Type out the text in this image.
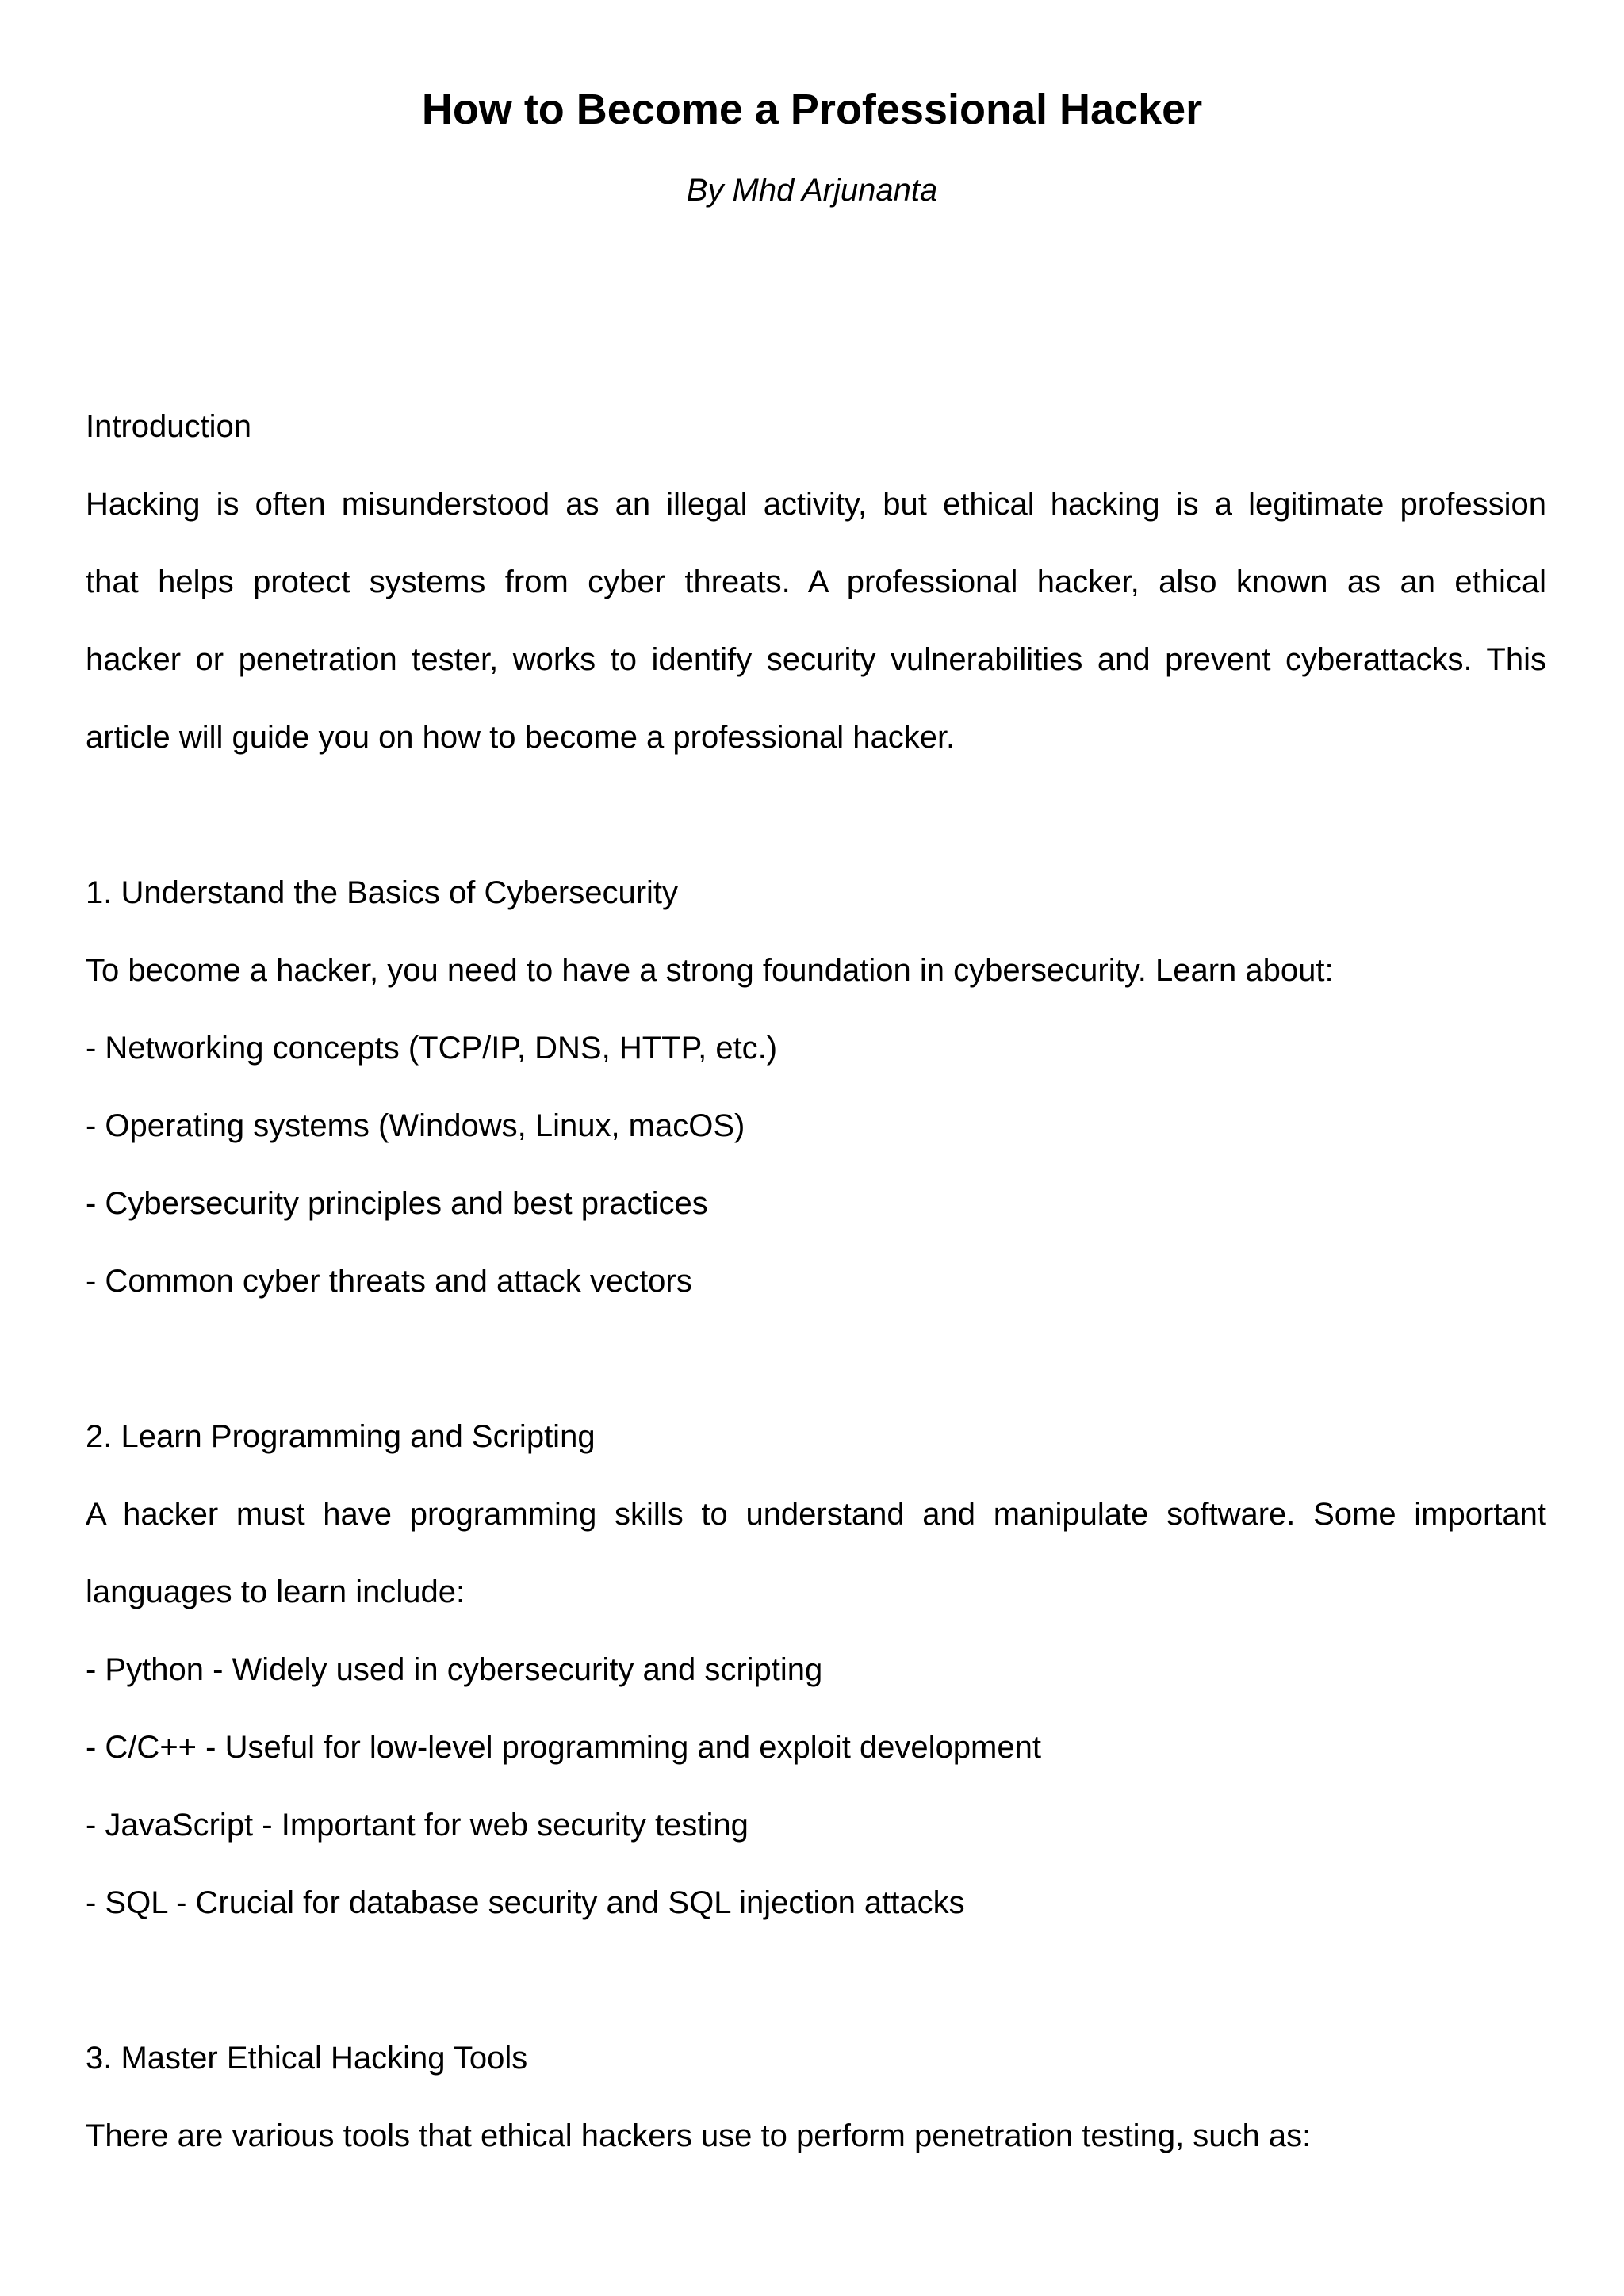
How to Become a Professional Hacker
By Mhd Arjunanta
Introduction
Hacking is often misunderstood as an illegal activity, but ethical hacking is a legitimate profession
that helps protect systems from cyber threats. A professional hacker, also known as an ethical
hacker or penetration tester, works to identify security vulnerabilities and prevent cyberattacks. This
article will guide you on how to become a professional hacker.
1. Understand the Basics of Cybersecurity
To become a hacker, you need to have a strong foundation in cybersecurity. Learn about:
- Networking concepts (TCP/IP, DNS, HTTP, etc.)
- Operating systems (Windows, Linux, macOS)
- Cybersecurity principles and best practices
- Common cyber threats and attack vectors
2. Learn Programming and Scripting
A hacker must have programming skills to understand and manipulate software. Some important
languages to learn include:
- Python - Widely used in cybersecurity and scripting
- C/C++ - Useful for low-level programming and exploit development
- JavaScript - Important for web security testing
- SQL - Crucial for database security and SQL injection attacks
3. Master Ethical Hacking Tools
There are various tools that ethical hackers use to perform penetration testing, such as:
